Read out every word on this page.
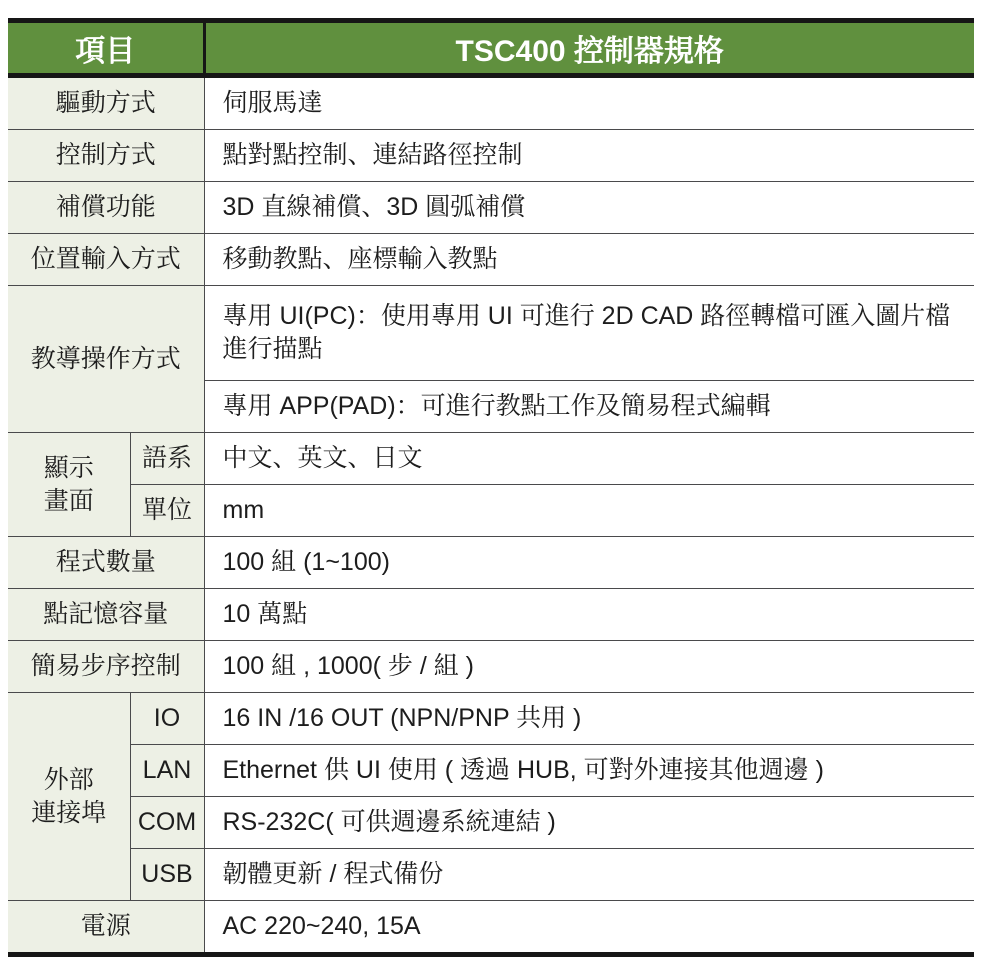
項目		TSC400 控制器規格
驅動方式		伺服馬達
控制方式		點對點控制、連結路徑控制
補償功能		3D 直線補償、3D 圓弧補償
位置輸入方式		移動教點、座標輸入教點
教導操作方式		專用 UI(PC)：使用專用 UI 可進行 2D CAD 路徑轉檔可匯入圖片檔進行描點
		專用 APP(PAD)：可進行教點工作及簡易程式編輯

顯示
畫面	語系	中文、英文、日文
	單位	mm
程式數量		100 組 (1~100)
點記憶容量		10 萬點
簡易步序控制		100 組 , 1000( 步 / 組 )

外部
連接埠	IO	16 IN /16 OUT (NPN/PNP 共用 )
	LAN	Ethernet 供 UI 使用 ( 透過 HUB, 可對外連接其他週邊 )
	COM	RS-232C( 可供週邊系統連結 )
	USB	韌體更新 / 程式備份
電源		AC 220~240, 15A
